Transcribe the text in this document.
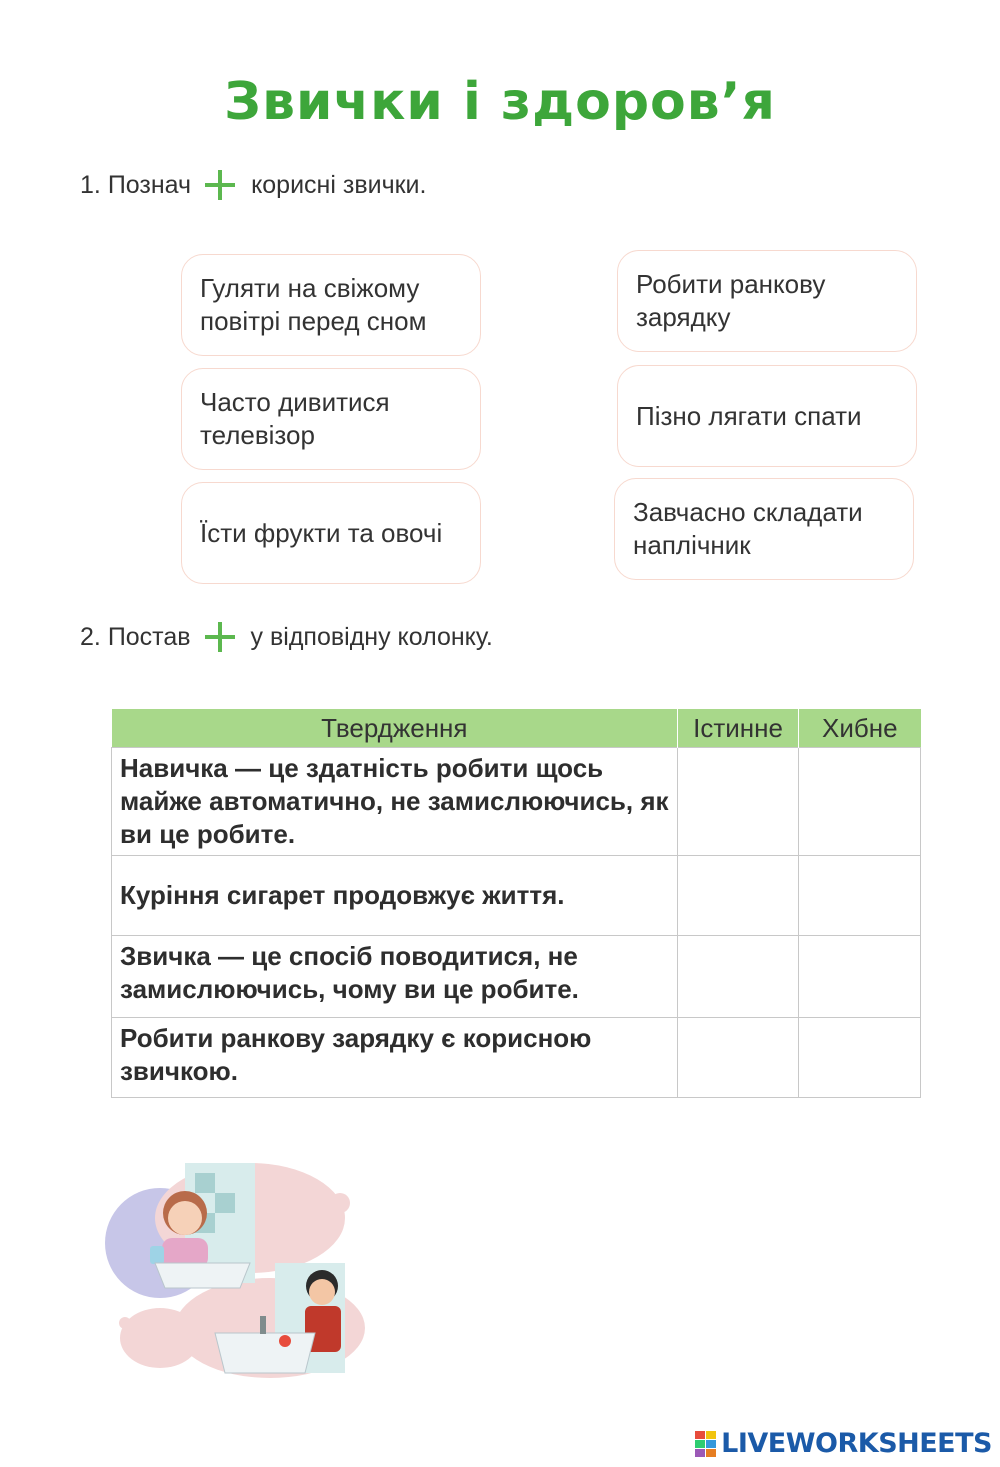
Звички і здоров’я
1.
Познач корисні звички.
Гуляти на свіжому повітрі перед сном
Часто дивитися телевізор
Їсти фрукти та овочі
Робити ранкову зарядку
Пізно лягати спати
Завчасно складати наплічник
2.
Постав у відповідну колонку.
Твердження	Істинне	Хибне
Навичка — це здатність робити щось майже автоматично, не замислюючись, як ви це робите.		
Куріння сигарет продовжує життя.		
Звичка — це спосіб поводитися, не замислюючись, чому ви це робите.		
Робити ранкову зарядку є корисною звичкою.		
LIVEWORKSHEETS
